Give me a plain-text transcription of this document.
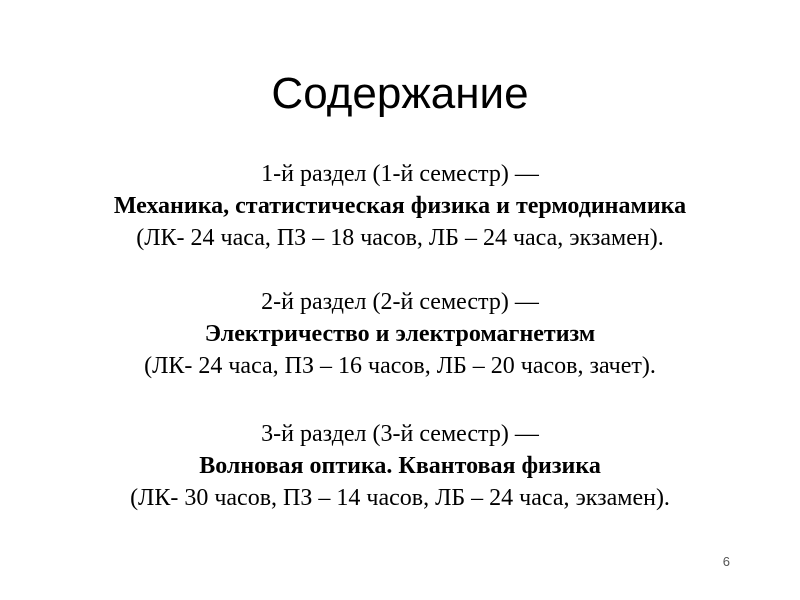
Содержание
1-й раздел (1-й семестр) —
Механика, статистическая физика и термодинамика
(ЛК- 24 часа, ПЗ – 18 часов, ЛБ – 24 часа, экзамен).
2-й раздел (2-й семестр) —
Электричество и электромагнетизм
(ЛК- 24 часа, ПЗ – 16 часов, ЛБ – 20 часов, зачет).
3-й раздел (3-й семестр) —
Волновая оптика. Квантовая физика
(ЛК- 30 часов, ПЗ – 14 часов, ЛБ – 24 часа, экзамен).
6
